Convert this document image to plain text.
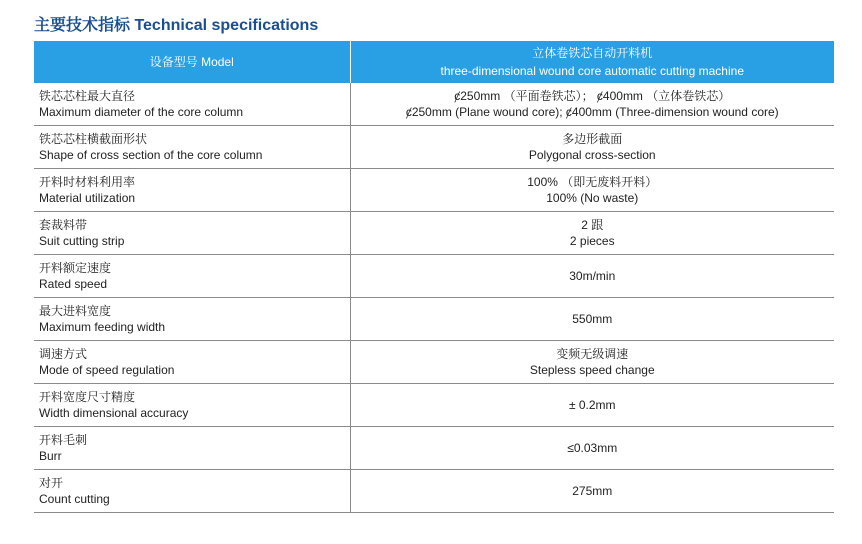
主要技术指标 Technical specifications
设备型号 Model	立体卷铁芯自动开料机
three-dimensional wound core automatic cutting machine

铁芯芯柱最大直径
Maximum diameter of the core column	ȼ250mm （平面卷铁芯）； ȼ400mm （立体卷铁芯）
ȼ250mm (Plane wound core); ȼ400mm (Three-dimension wound core)

铁芯芯柱横截面形状
Shape of cross section of the core column	多边形截面
Polygonal cross-section

开料时材料利用率
Material utilization	100% （即无废料开料）
100% (No waste)

套裁料带
Suit cutting strip	2 跟
2 pieces

开料额定速度
Rated speed	30m/min

最大进料宽度
Maximum feeding width	550mm

调速方式
Mode of speed regulation	变频无级调速
Stepless speed change

开料宽度尺寸精度
Width dimensional accuracy	± 0.2mm

开料毛刺
Burr	≤0.03mm

对开
Count cutting	275mm
